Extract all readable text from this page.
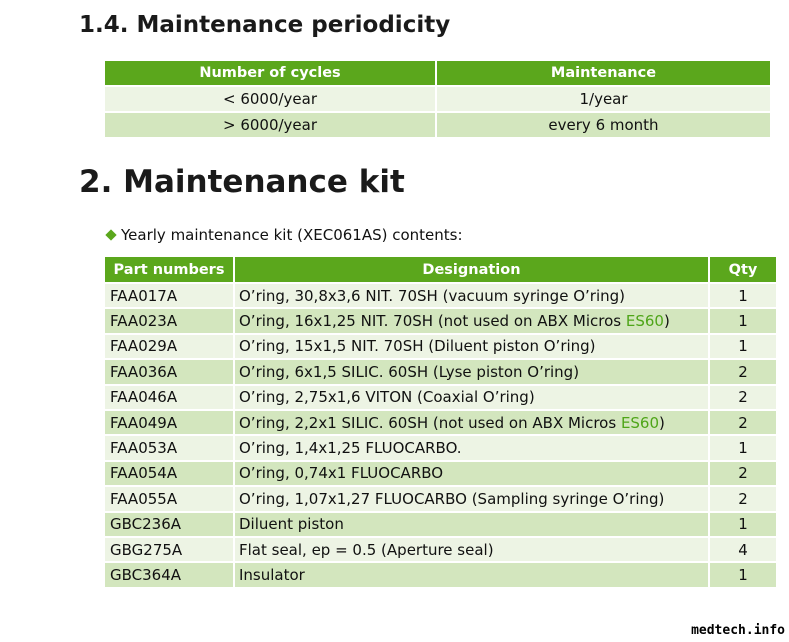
1.4. Maintenance periodicity
Number of cycles	Maintenance
< 6000/year	1/year
> 6000/year	every 6 month
2. Maintenance kit
Yearly maintenance kit (XEC061AS) contents:
Part numbers	Designation	Qty
FAA017A	O’ring, 30,8x3,6 NIT. 70SH (vacuum syringe O’ring)	1
FAA023A	O’ring, 16x1,25 NIT. 70SH (not used on ABX Micros ES60)	1
FAA029A	O’ring, 15x1,5 NIT. 70SH (Diluent piston O’ring)	1
FAA036A	O’ring, 6x1,5 SILIC. 60SH (Lyse piston O’ring)	2
FAA046A	O’ring, 2,75x1,6 VITON (Coaxial O’ring)	2
FAA049A	O’ring, 2,2x1 SILIC. 60SH (not used on ABX Micros ES60)	2
FAA053A	O’ring, 1,4x1,25 FLUOCARBO.	1
FAA054A	O’ring, 0,74x1 FLUOCARBO	2
FAA055A	O’ring, 1,07x1,27 FLUOCARBO (Sampling syringe O’ring)	2
GBC236A	Diluent piston	1
GBG275A	Flat seal, ep = 0.5 (Aperture seal)	4
GBC364A	Insulator	1
medtech.info
